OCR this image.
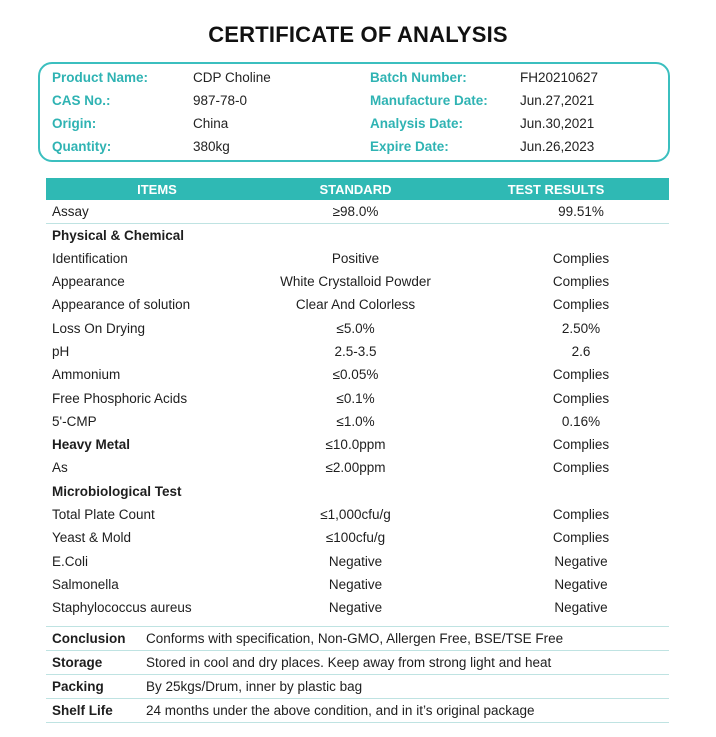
CERTIFICATE OF ANALYSIS
Product Name:	CDP Choline	Batch Number:	FH20210627
CAS No.:	987-78-0	Manufacture Date: Jun.27,2021
Origin:	China	Analysis Date:	Jun.30,2021
Quantity:	380kg	Expire Date:	Jun.26,2023
ITEMS	STANDARD	TEST RESULTS
Assay	≥98.0%	99.51%
Physical & Chemical		
Identification	Positive	Complies
Appearance	White Crystalloid Powder	Complies
Appearance of solution	Clear And Colorless	Complies
Loss On Drying	≤5.0%	2.50%
pH	2.5-3.5	2.6
Ammonium	≤0.05%	Complies
Free Phosphoric Acids	≤0.1%	Complies
5'-CMP	≤1.0%	0.16%
Heavy Metal	≤10.0ppm	Complies
As	≤2.00ppm	Complies
Microbiological Test		
Total Plate Count	≤1,000cfu/g	Complies
Yeast & Mold	≤100cfu/g	Complies
E.Coli	Negative	Negative
Salmonella	Negative	Negative
Staphylococcus aureus	Negative	Negative
Conclusion	Conforms with specification, Non-GMO, Allergen Free, BSE/TSE Free
Storage	Stored in cool and dry places. Keep away from strong light and heat
Packing	By 25kgs/Drum, inner by plastic bag
Shelf Life	24 months under the above condition, and in it’s original package
